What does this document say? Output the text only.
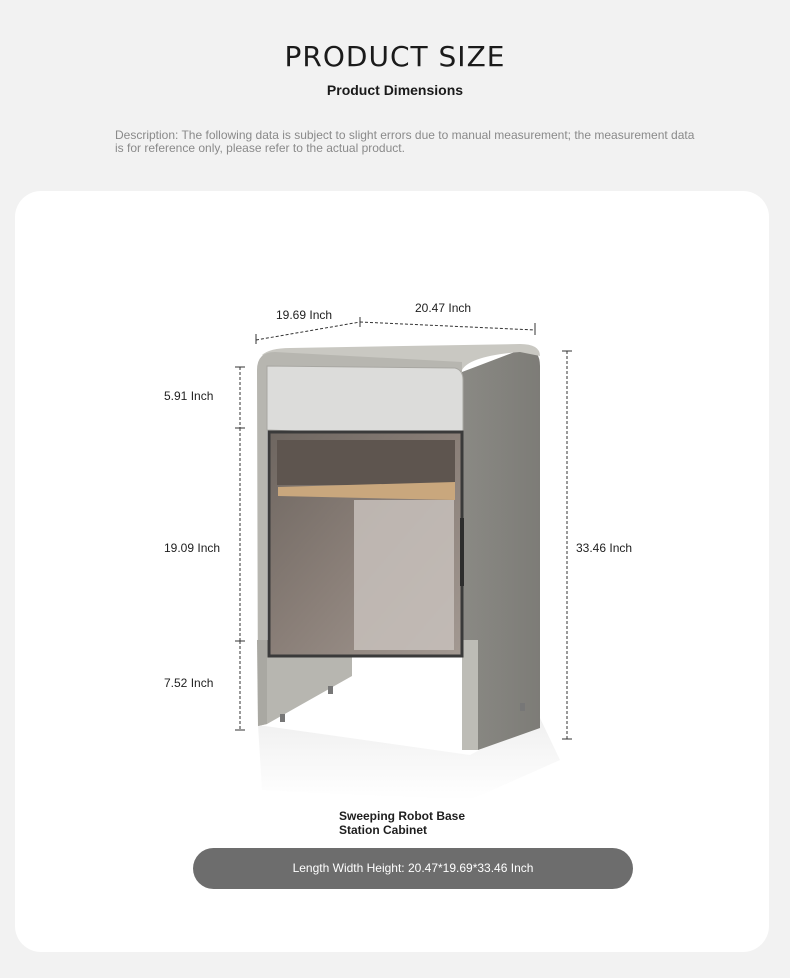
PRODUCT SIZE
Product Dimensions
Description: The following data is subject to slight errors due to manual measurement; the measurement data is for reference only, please refer to the actual product.
19.69 Inch	20.47 Inch
5.91 Inch
19.09 Inch
7.52 Inch
33.46 Inch
Sweeping Robot Base
Station Cabinet
Length Width Height: 20.47*19.69*33.46 Inch
